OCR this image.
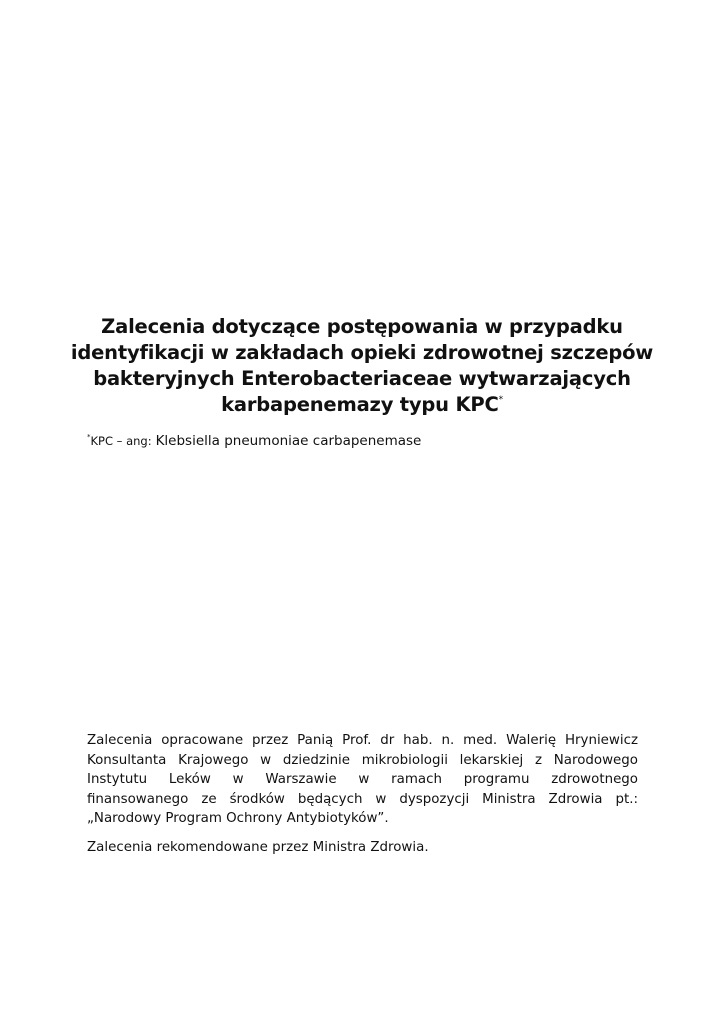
Zalecenia dotyczące postępowania w przypadku
identyfikacji w zakładach opieki zdrowotnej szczepów
bakteryjnych Enterobacteriaceae wytwarzających
karbapenemazy typu KPC*
*KPC – ang: Klebsiella pneumoniae carbapenemase
Zalecenia opracowane przez Panią Prof. dr hab. n. med. Walerię Hryniewicz
Konsultanta Krajowego w dziedzinie mikrobiologii lekarskiej z Narodowego
Instytutu Leków w Warszawie w ramach programu zdrowotnego
finansowanego ze środków będących w dyspozycji Ministra Zdrowia pt.:
„Narodowy Program Ochrony Antybiotyków”.
Zalecenia rekomendowane przez Ministra Zdrowia.
